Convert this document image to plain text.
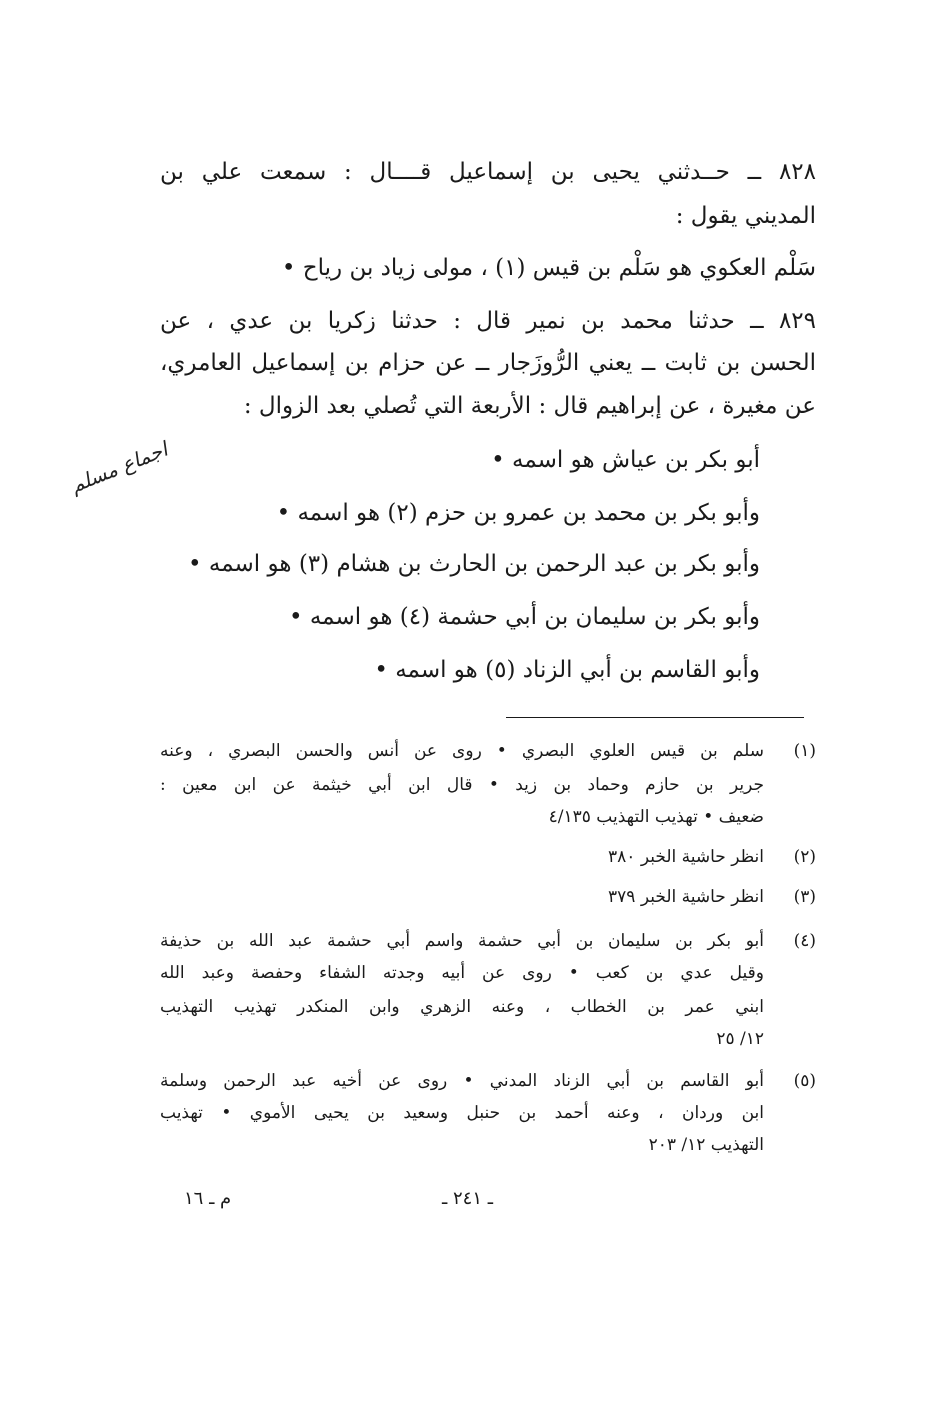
٨٢٨ ــ حــدثني يحيى بن إسماعيل قــــال : سمعت علي بن
المديني يقول :
سَلْم العكوي هو سَلْم بن قيس (١) ، مولى زياد بن رياح •
٨٢٩ ــ حدثنا محمد بن نمير قال : حدثنا زكريا بن عدي ، عن
الحسن بن ثابت ــ يعني الرُّوزَجار ــ عن حزام بن إسماعيل العامري،
عن مغيرة ، عن إبراهيم قال : الأربعة التي تُصلي بعد الزوال :
أبو بكر بن عياش هو اسمه •
وأبو بكر بن محمد بن عمرو بن حزم (٢) هو اسمه •
وأبو بكر بن عبد الرحمن بن الحارث بن هشام (٣) هو اسمه •
وأبو بكر بن سليمان بن أبي حشمة (٤) هو اسمه •
وأبو القاسم بن أبي الزناد (٥) هو اسمه •
اجماع مسلم
(١)
سلم بن قيس العلوي البصري • روى عن أنس والحسن البصري ، وعنه
جرير بن حازم وحماد بن زيد • قال ابن أبي خيثمة عن ابن معين :
ضعيف • تهذيب التهذيب ٤/١٣٥
(٢)
انظر حاشية الخبر ٣٨٠
(٣)
انظر حاشية الخبر ٣٧٩
(٤)
أبو بكر بن سليمان بن أبي حشمة واسم أبي حشمة عبد الله بن حذيفة
وقيل عدي بن كعب • روى عن أبيه وجدته الشفاء وحفصة وعبد الله
ابني عمر بن الخطاب ، وعنه الزهري وابن المنكدر تهذيب التهذيب
١٢/ ٢٥
(٥)
أبو القاسم بن أبي الزناد المدني • روى عن أخيه عبد الرحمن وسلمة
ابن وردان ، وعنه أحمد بن حنبل وسعيد بن يحيى الأموي • تهذيب
التهذيب ١٢/ ٢٠٣
ـ ٢٤١ ـ
م ـ ١٦
